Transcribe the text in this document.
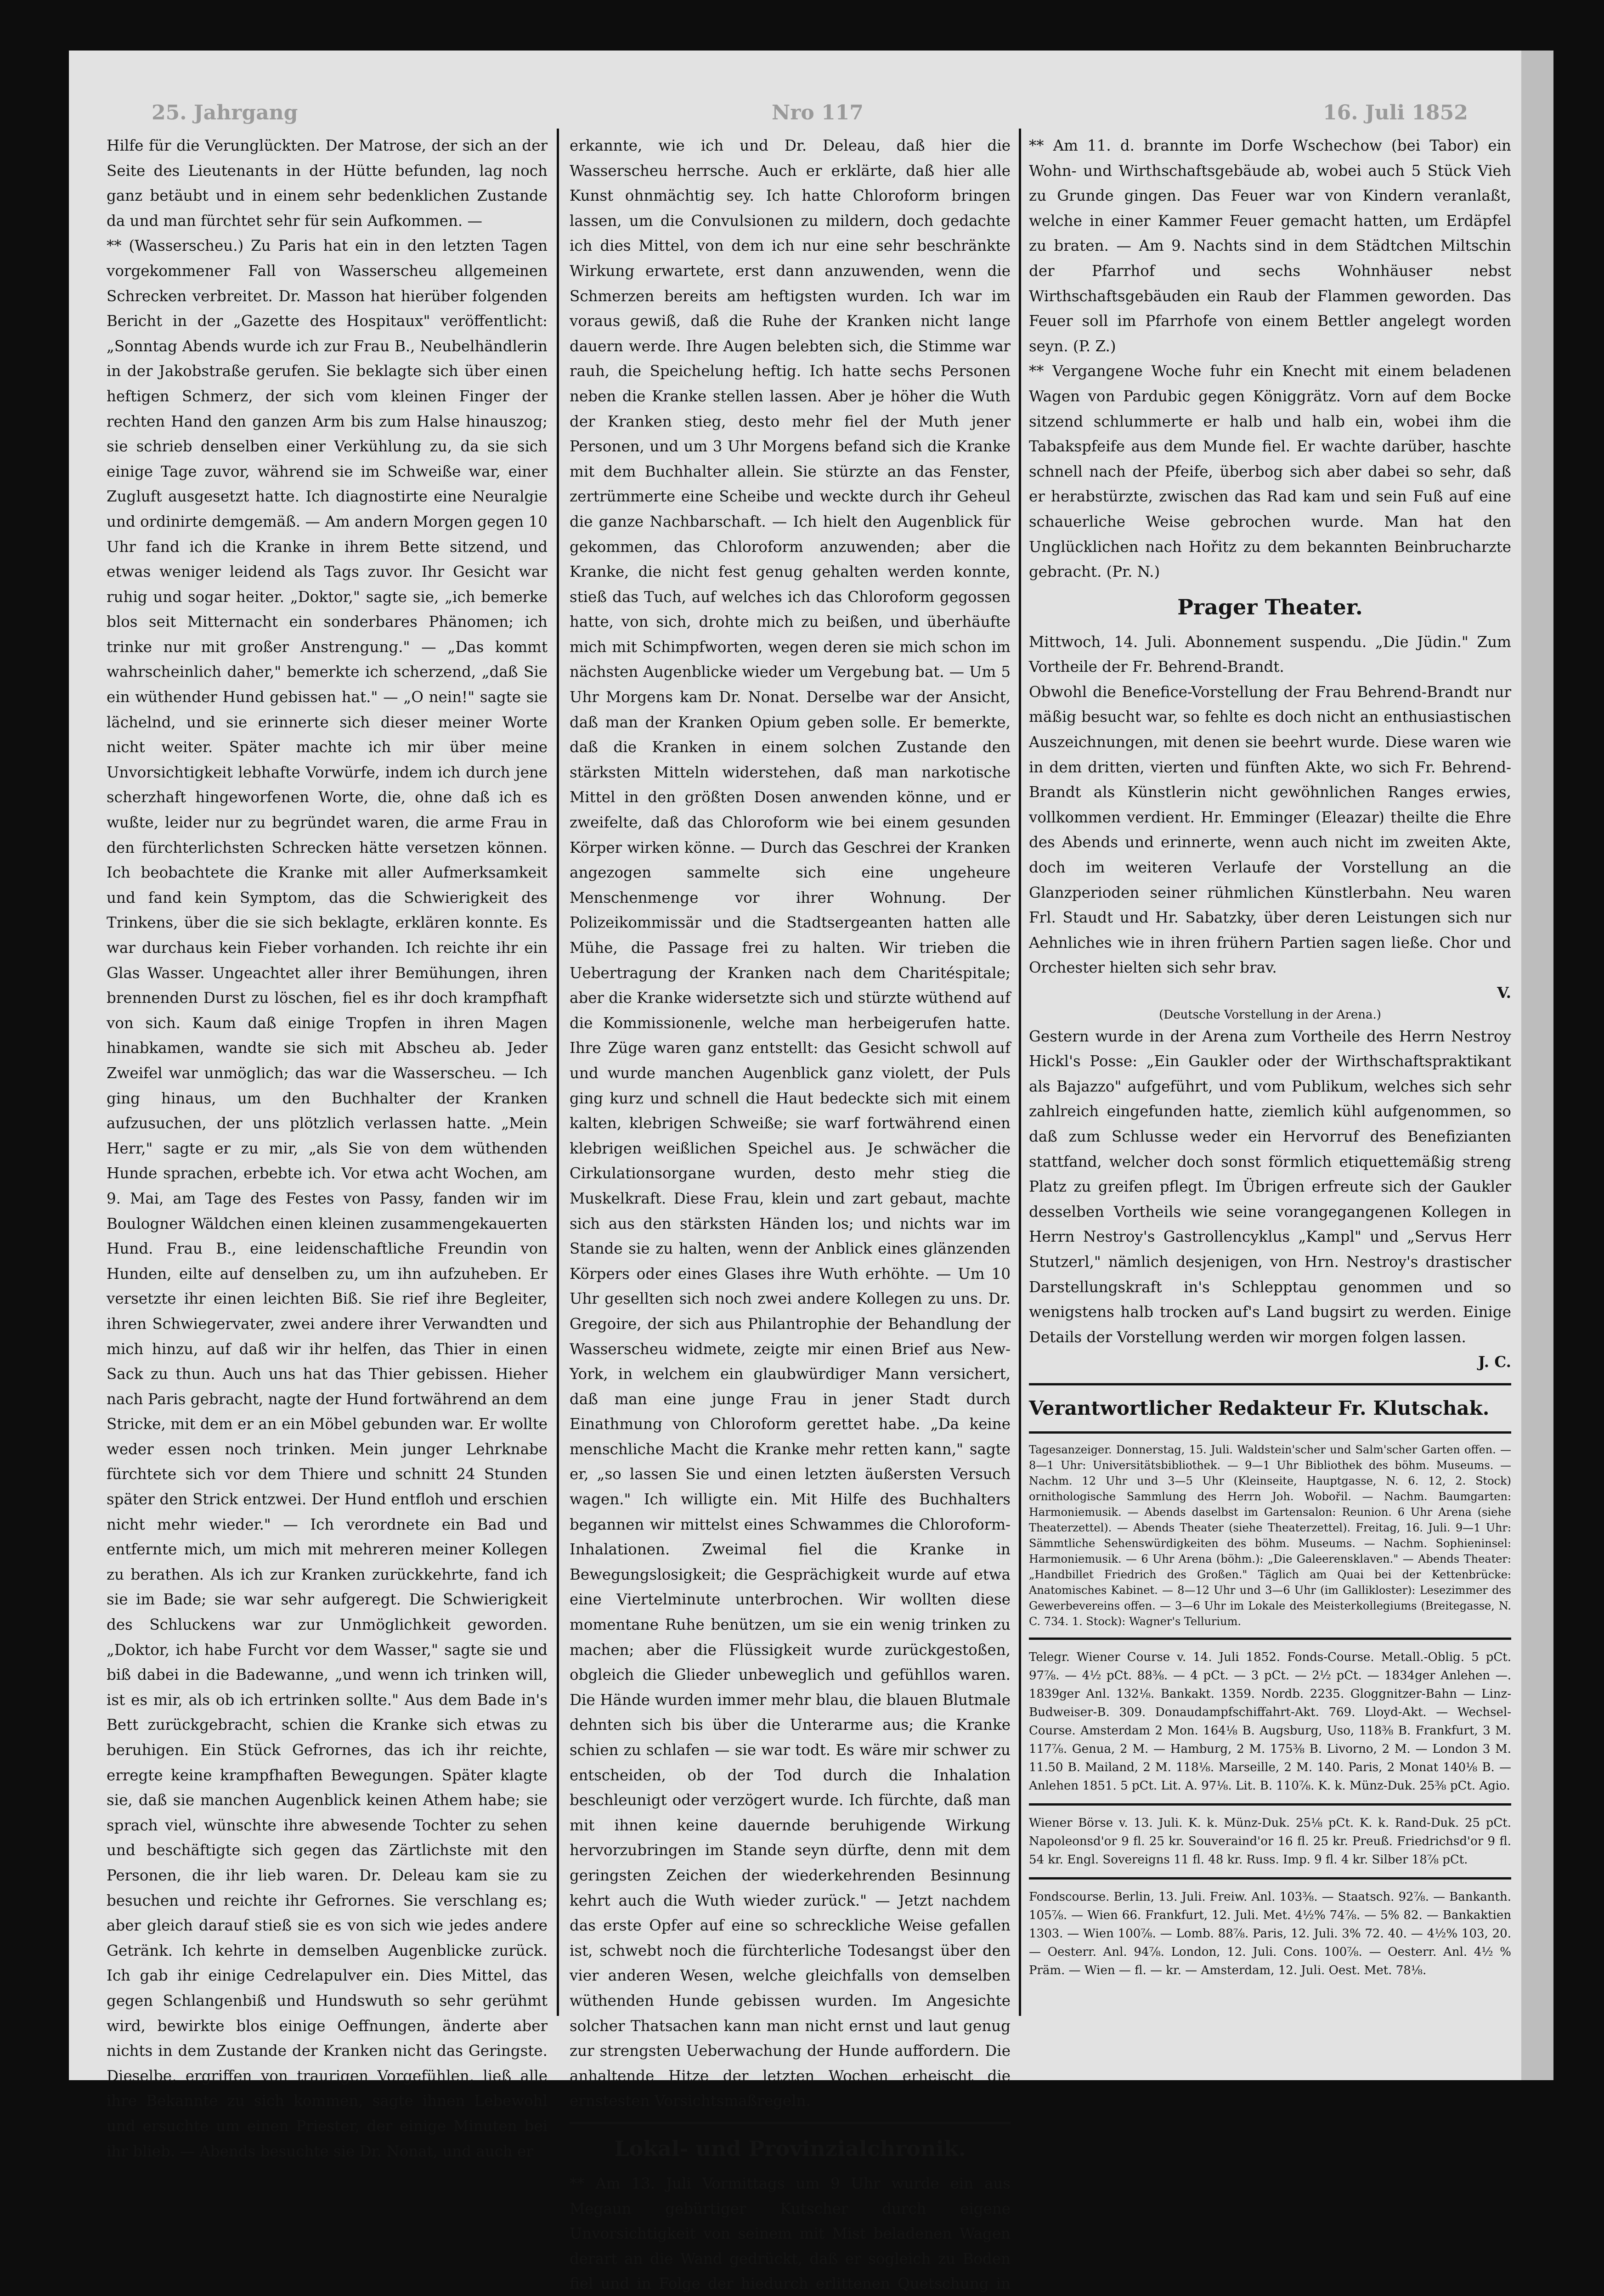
25. Jahrgang	Nro 117	16. Juli 1852

Hilfe für die Verunglückten. Der Matrose, der sich an der Seite des Lieutenants in der Hütte befunden, lag noch ganz betäubt und in einem sehr bedenklichen Zustande da und man fürchtet sehr für sein Aufkommen. —

** (Wasserscheu.) Zu Paris hat ein in den letzten Tagen vorgekommener Fall von Wasserscheu allgemeinen Schrecken verbreitet. Dr. Masson hat hierüber folgenden Bericht in der „Gazette des Hospitaux" veröffentlicht: „Sonntag Abends wurde ich zur Frau B., Neubelhändlerin in der Jakobstraße gerufen. Sie beklagte sich über einen heftigen Schmerz, der sich vom kleinen Finger der rechten Hand den ganzen Arm bis zum Halse hinauszog; sie schrieb denselben einer Verkühlung zu, da sie sich einige Tage zuvor, während sie im Schweiße war, einer Zugluft ausgesetzt hatte. Ich diagnostirte eine Neuralgie und ordinirte demgemäß. — Am andern Morgen gegen 10 Uhr fand ich die Kranke in ihrem Bette sitzend, und etwas weniger leidend als Tags zuvor. Ihr Gesicht war ruhig und sogar heiter. „Doktor," sagte sie, „ich bemerke blos seit Mitternacht ein sonderbares Phänomen; ich trinke nur mit großer Anstrengung." — „Das kommt wahrscheinlich daher," bemerkte ich scherzend, „daß Sie ein wüthender Hund gebissen hat." — „O nein!" sagte sie lächelnd, und sie erinnerte sich dieser meiner Worte nicht weiter. Später machte ich mir über meine Unvorsichtigkeit lebhafte Vorwürfe, indem ich durch jene scherzhaft hingeworfenen Worte, die, ohne daß ich es wußte, leider nur zu begründet waren, die arme Frau in den fürchterlichsten Schrecken hätte versetzen können. Ich beobachtete die Kranke mit aller Aufmerksamkeit und fand kein Symptom, das die Schwierigkeit des Trinkens, über die sie sich beklagte, erklären konnte. Es war durchaus kein Fieber vorhanden. Ich reichte ihr ein Glas Wasser. Ungeachtet aller ihrer Bemühungen, ihren brennenden Durst zu löschen, fiel es ihr doch krampfhaft von sich. Kaum daß einige Tropfen in ihren Magen hinabkamen, wandte sie sich mit Abscheu ab. Jeder Zweifel war unmöglich; das war die Wasserscheu. — Ich ging hinaus, um den Buchhalter der Kranken aufzusuchen, der uns plötzlich verlassen hatte. „Mein Herr," sagte er zu mir, „als Sie von dem wüthenden Hunde sprachen, erbebte ich. Vor etwa acht Wochen, am 9. Mai, am Tage des Festes von Passy, fanden wir im Boulogner Wäldchen einen kleinen zusammengekauerten Hund. Frau B., eine leidenschaftliche Freundin von Hunden, eilte auf denselben zu, um ihn aufzuheben. Er versetzte ihr einen leichten Biß. Sie rief ihre Begleiter, ihren Schwiegervater, zwei andere ihrer Verwandten und mich hinzu, auf daß wir ihr helfen, das Thier in einen Sack zu thun. Auch uns hat das Thier gebissen. Hieher nach Paris gebracht, nagte der Hund fortwährend an dem Stricke, mit dem er an ein Möbel gebunden war. Er wollte weder essen noch trinken. Mein junger Lehrknabe fürchtete sich vor dem Thiere und schnitt 24 Stunden später den Strick entzwei. Der Hund entfloh und erschien nicht mehr wieder." — Ich verordnete ein Bad und entfernte mich, um mich mit mehreren meiner Kollegen zu berathen. Als ich zur Kranken zurückkehrte, fand ich sie im Bade; sie war sehr aufgeregt. Die Schwierigkeit des Schluckens war zur Unmöglichkeit geworden. „Doktor, ich habe Furcht vor dem Wasser," sagte sie und biß dabei in die Badewanne, „und wenn ich trinken will, ist es mir, als ob ich ertrinken sollte." Aus dem Bade in's Bett zurückgebracht, schien die Kranke sich etwas zu beruhigen. Ein Stück Gefrornes, das ich ihr reichte, erregte keine krampfhaften Bewegungen. Später klagte sie, daß sie manchen Augenblick keinen Athem habe; sie sprach viel, wünschte ihre abwesende Tochter zu sehen und beschäftigte sich gegen das Zärtlichste mit den Personen, die ihr lieb waren. Dr. Deleau kam sie zu besuchen und reichte ihr Gefrornes. Sie verschlang es; aber gleich darauf stieß sie es von sich wie jedes andere Getränk. Ich kehrte in demselben Augenblicke zurück. Ich gab ihr einige Cedrelapulver ein. Dies Mittel, das gegen Schlangenbiß und Hundswuth so sehr gerühmt wird, bewirkte blos einige Oeffnungen, änderte aber nichts in dem Zustande der Kranken nicht das Geringste. Dieselbe, ergriffen von traurigen Vorgefühlen, ließ alle ihre Bekannte zu sich kommen, sagte ihnen Lebewohl und ersuchte um einen Priester, der einige Minuten bei ihr blieb. — Abends besuchte sie Dr. Nonat, und auch er

erkannte, wie ich und Dr. Deleau, daß hier die Wasserscheu herrsche. Auch er erklärte, daß hier alle Kunst ohnmächtig sey. Ich hatte Chloroform bringen lassen, um die Convulsionen zu mildern, doch gedachte ich dies Mittel, von dem ich nur eine sehr beschränkte Wirkung erwartete, erst dann anzuwenden, wenn die Schmerzen bereits am heftigsten wurden. Ich war im voraus gewiß, daß die Ruhe der Kranken nicht lange dauern werde. Ihre Augen belebten sich, die Stimme war rauh, die Speichelung heftig. Ich hatte sechs Personen neben die Kranke stellen lassen. Aber je höher die Wuth der Kranken stieg, desto mehr fiel der Muth jener Personen, und um 3 Uhr Morgens befand sich die Kranke mit dem Buchhalter allein. Sie stürzte an das Fenster, zertrümmerte eine Scheibe und weckte durch ihr Geheul die ganze Nachbarschaft. — Ich hielt den Augenblick für gekommen, das Chloroform anzuwenden; aber die Kranke, die nicht fest genug gehalten werden konnte, stieß das Tuch, auf welches ich das Chloroform gegossen hatte, von sich, drohte mich zu beißen, und überhäufte mich mit Schimpfworten, wegen deren sie mich schon im nächsten Augenblicke wieder um Vergebung bat. — Um 5 Uhr Morgens kam Dr. Nonat. Derselbe war der Ansicht, daß man der Kranken Opium geben solle. Er bemerkte, daß die Kranken in einem solchen Zustande den stärksten Mitteln widerstehen, daß man narkotische Mittel in den größten Dosen anwenden könne, und er zweifelte, daß das Chloroform wie bei einem gesunden Körper wirken könne. — Durch das Geschrei der Kranken angezogen sammelte sich eine ungeheure Menschenmenge vor ihrer Wohnung. Der Polizeikommissär und die Stadtsergeanten hatten alle Mühe, die Passage frei zu halten. Wir trieben die Uebertragung der Kranken nach dem Charitéspitale; aber die Kranke widersetzte sich und stürzte wüthend auf die Kommissionenle, welche man herbeigerufen hatte. Ihre Züge waren ganz entstellt: das Gesicht schwoll auf und wurde manchen Augenblick ganz violett, der Puls ging kurz und schnell die Haut bedeckte sich mit einem kalten, klebrigen Schweiße; sie warf fortwährend einen klebrigen weißlichen Speichel aus. Je schwächer die Cirkulationsorgane wurden, desto mehr stieg die Muskelkraft. Diese Frau, klein und zart gebaut, machte sich aus den stärksten Händen los; und nichts war im Stande sie zu halten, wenn der Anblick eines glänzenden Körpers oder eines Glases ihre Wuth erhöhte. — Um 10 Uhr gesellten sich noch zwei andere Kollegen zu uns. Dr. Gregoire, der sich aus Philantrophie der Behandlung der Wasserscheu widmete, zeigte mir einen Brief aus New-York, in welchem ein glaubwürdiger Mann versichert, daß man eine junge Frau in jener Stadt durch Einathmung von Chloroform gerettet habe. „Da keine menschliche Macht die Kranke mehr retten kann," sagte er, „so lassen Sie und einen letzten äußersten Versuch wagen." Ich willigte ein. Mit Hilfe des Buchhalters begannen wir mittelst eines Schwammes die Chloroform-Inhalationen. Zweimal fiel die Kranke in Bewegungslosigkeit; die Gesprächigkeit wurde auf etwa eine Viertelminute unterbrochen. Wir wollten diese momentane Ruhe benützen, um sie ein wenig trinken zu machen; aber die Flüssigkeit wurde zurückgestoßen, obgleich die Glieder unbeweglich und gefühllos waren. Die Hände wurden immer mehr blau, die blauen Blutmale dehnten sich bis über die Unterarme aus; die Kranke schien zu schlafen — sie war todt. Es wäre mir schwer zu entscheiden, ob der Tod durch die Inhalation beschleunigt oder verzögert wurde. Ich fürchte, daß man mit ihnen keine dauernde beruhigende Wirkung hervorzubringen im Stande seyn dürfte, denn mit dem geringsten Zeichen der wiederkehrenden Besinnung kehrt auch die Wuth wieder zurück." — Jetzt nachdem das erste Opfer auf eine so schreckliche Weise gefallen ist, schwebt noch die fürchterliche Todesangst über den vier anderen Wesen, welche gleichfalls von demselben wüthenden Hunde gebissen wurden. Im Angesichte solcher Thatsachen kann man nicht ernst und laut genug zur strengsten Ueberwachung der Hunde auffordern. Die anhaltende Hitze der letzten Wochen erheischt die ernstesten Vorsichtsmaßregeln.

Lokal- und Provinzialchronik.

** Am 13. Juli Vormittags um 9 Uhr wurde ein aus Megaun gebürtiger Kutscher durch eigene Unvorsichtigkeit von seinem mit Mist beladenen Wagen derart an die Wand gedrückt, daß er sogleich zu Boden fiel und in Folge der hiedurch erlittenen Quetschung in

** Am 11. d. brannte im Dorfe Wschechow (bei Tabor) ein Wohn- und Wirthschaftsgebäude ab, wobei auch 5 Stück Vieh zu Grunde gingen. Das Feuer war von Kindern veranlaßt, welche in einer Kammer Feuer gemacht hatten, um Erdäpfel zu braten. — Am 9. Nachts sind in dem Städtchen Miltschin der Pfarrhof und sechs Wohnhäuser nebst Wirthschaftsgebäuden ein Raub der Flammen geworden. Das Feuer soll im Pfarrhofe von einem Bettler angelegt worden seyn. (P. Z.)

** Vergangene Woche fuhr ein Knecht mit einem beladenen Wagen von Pardubic gegen Königgrätz. Vorn auf dem Bocke sitzend schlummerte er halb und halb ein, wobei ihm die Tabakspfeife aus dem Munde fiel. Er wachte darüber, haschte schnell nach der Pfeife, überbog sich aber dabei so sehr, daß er herabstürzte, zwischen das Rad kam und sein Fuß auf eine schauerliche Weise gebrochen wurde. Man hat den Unglücklichen nach Hořitz zu dem bekannten Beinbrucharzte gebracht. (Pr. N.)

Prager Theater.

Mittwoch, 14. Juli. Abonnement suspendu. „Die Jüdin." Zum Vortheile der Fr. Behrend-Brandt.

Obwohl die Benefice-Vorstellung der Frau Behrend-Brandt nur mäßig besucht war, so fehlte es doch nicht an enthusiastischen Auszeichnungen, mit denen sie beehrt wurde. Diese waren wie in dem dritten, vierten und fünften Akte, wo sich Fr. Behrend-Brandt als Künstlerin nicht gewöhnlichen Ranges erwies, vollkommen verdient. Hr. Emminger (Eleazar) theilte die Ehre des Abends und erinnerte, wenn auch nicht im zweiten Akte, doch im weiteren Verlaufe der Vorstellung an die Glanzperioden seiner rühmlichen Künstlerbahn. Neu waren Frl. Staudt und Hr. Sabatzky, über deren Leistungen sich nur Aehnliches wie in ihren frühern Partien sagen ließe. Chor und Orchester hielten sich sehr brav.

V.

(Deutsche Vorstellung in der Arena.)

Gestern wurde in der Arena zum Vortheile des Herrn Nestroy Hickl's Posse: „Ein Gaukler oder der Wirthschaftspraktikant als Bajazzo" aufgeführt, und vom Publikum, welches sich sehr zahlreich eingefunden hatte, ziemlich kühl aufgenommen, so daß zum Schlusse weder ein Hervorruf des Benefizianten stattfand, welcher doch sonst förmlich etiquettemäßig streng Platz zu greifen pflegt. Im Übrigen erfreute sich der Gaukler desselben Vortheils wie seine vorangegangenen Kollegen in Herrn Nestroy's Gastrollencyklus „Kampl" und „Servus Herr Stutzerl," nämlich desjenigen, von Hrn. Nestroy's drastischer Darstellungskraft in's Schlepptau genommen und so wenigstens halb trocken auf's Land bugsirt zu werden. Einige Details der Vorstellung werden wir morgen folgen lassen.

J. C.

Verantwortlicher Redakteur Fr. Klutschak.

Tagesanzeiger. Donnerstag, 15. Juli. Waldstein'scher und Salm'scher Garten offen. — 8—1 Uhr: Universitätsbibliothek. — 9—1 Uhr Bibliothek des böhm. Museums. — Nachm. 12 Uhr und 3—5 Uhr (Kleinseite, Hauptgasse, N. 6. 12, 2. Stock) ornithologische Sammlung des Herrn Joh. Wobořil. — Nachm. Baumgarten: Harmoniemusik. — Abends daselbst im Gartensalon: Reunion. 6 Uhr Arena (siehe Theaterzettel). — Abends Theater (siehe Theaterzettel). Freitag, 16. Juli. 9—1 Uhr: Sämmtliche Sehenswürdigkeiten des böhm. Museums. — Nachm. Sophieninsel: Harmoniemusik. — 6 Uhr Arena (böhm.): „Die Galeerensklaven." — Abends Theater: „Handbillet Friedrich des Großen." Täglich am Quai bei der Kettenbrücke: Anatomisches Kabinet. — 8—12 Uhr und 3—6 Uhr (im Gallikloster): Lesezimmer des Gewerbevereins offen. — 3—6 Uhr im Lokale des Meisterkollegiums (Breitegasse, N. C. 734. 1. Stock): Wagner's Tellurium.

Telegr. Wiener Course v. 14. Juli 1852. Fonds-Course. Metall.-Oblig. 5 pCt. 97⅞. — 4½ pCt. 88⅜. — 4 pCt. — 3 pCt. — 2½ pCt. — 1834ger Anlehen —. 1839ger Anl. 132⅛. Bankakt. 1359. Nordb. 2235. Gloggnitzer-Bahn — Linz-Budweiser-B. 309. Donaudampfschiffahrt-Akt. 769. Lloyd-Akt. — Wechsel-Course. Amsterdam 2 Mon. 164⅛ B. Augsburg, Uso, 118⅜ B. Frankfurt, 3 M. 117⅞. Genua, 2 M. — Hamburg, 2 M. 175⅜ B. Livorno, 2 M. — London 3 M. 11.50 B. Mailand, 2 M. 118⅛. Marseille, 2 M. 140. Paris, 2 Monat 140⅛ B. — Anlehen 1851. 5 pCt. Lit. A. 97⅛. Lit. B. 110⅞. K. k. Münz-Duk. 25⅜ pCt. Agio.

Wiener Börse v. 13. Juli. K. k. Münz-Duk. 25⅛ pCt. K. k. Rand-Duk. 25 pCt. Napoleonsd'or 9 fl. 25 kr. Souveraind'or 16 fl. 25 kr. Preuß. Friedrichsd'or 9 fl. 54 kr. Engl. Sovereigns 11 fl. 48 kr. Russ. Imp. 9 fl. 4 kr. Silber 18⅞ pCt.

Fondscourse. Berlin, 13. Juli. Freiw. Anl. 103⅜. — Staatsch. 92⅞. — Bankanth. 105⅞. — Wien 66. Frankfurt, 12. Juli. Met. 4½% 74⅞. — 5% 82. — Bankaktien 1303. — Wien 100⅞. — Lomb. 88⅞. Paris, 12. Juli. 3% 72. 40. — 4½% 103, 20. — Oesterr. Anl. 94⅞. London, 12. Juli. Cons. 100⅞. — Oesterr. Anl. 4½ % Präm. — Wien — fl. — kr. — Amsterdam, 12. Juli. Oest. Met. 78⅛.
